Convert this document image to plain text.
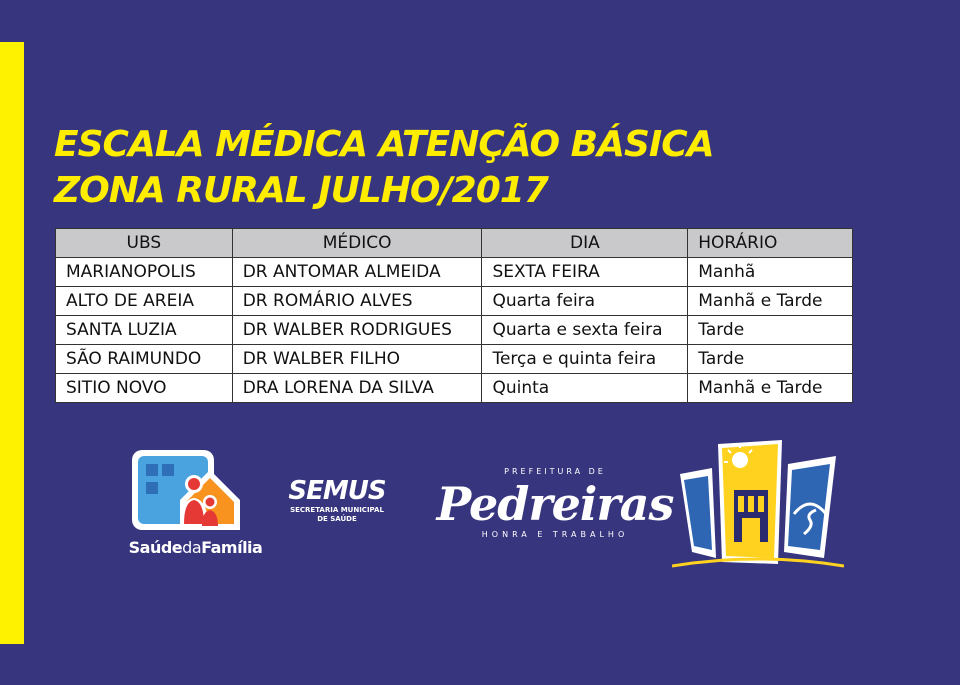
ESCALA MÉDICA ATENÇÃO BÁSICA
ZONA RURAL JULHO/2017
UBS	MÉDICO	DIA	HORÁRIO
MARIANOPOLIS	DR ANTOMAR ALMEIDA	SEXTA FEIRA	Manhã
ALTO DE AREIA	DR ROMÁRIO ALVES	Quarta feira	Manhã e Tarde
SANTA LUZIA	DR WALBER RODRIGUES	Quarta e sexta feira	Tarde
SÃO RAIMUNDO	DR WALBER FILHO	Terça e quinta feira	Tarde
SITIO NOVO	DRA LORENA DA SILVA	Quinta	Manhã e Tarde
SaúdedaFamília
SEMUS
SECRETARIA MUNICIPAL
DE SAÚDE
PREFEITURA DE
Pedreiras
HONRA E TRABALHO
